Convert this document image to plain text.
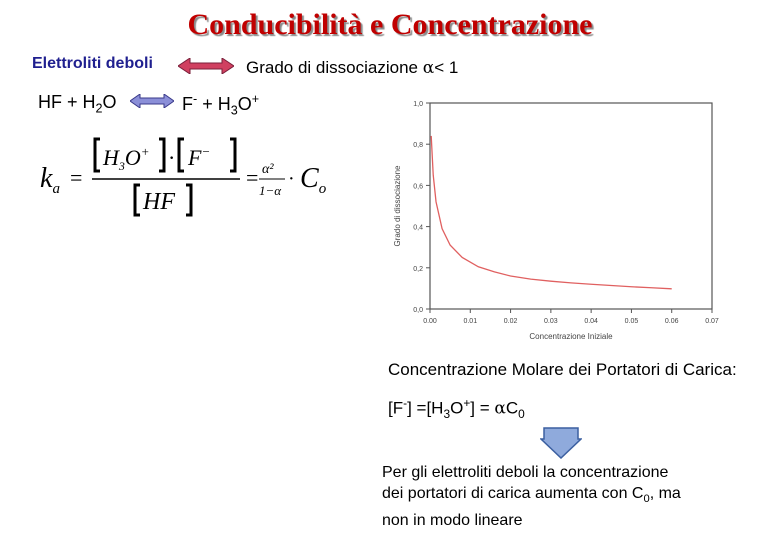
Conducibilità e Concentrazione
Elettroliti deboli	Grado di dissociazione α< 1
HF + $H_2O$	$F^- + H_3O^+$
$k_a$ =
$H_3O^+ \cdot F^-$
HF
= α²
1−α
· $C_o$
0.00	0.01	0.02	0.03	0.04	0.05	0.06	0.07
0,0
0,2
0,4
0,6
0,8
1,0
Concentrazione Iniziale
Grado di dissociazione
Concentrazione Molare dei Portatori di Carica:
$[F^-] =[H_3O^+] = \alpha C_0$
Per gli elettroliti deboli la concentrazione
dei portatori di carica aumenta con $C_0$, ma
non in modo lineare
